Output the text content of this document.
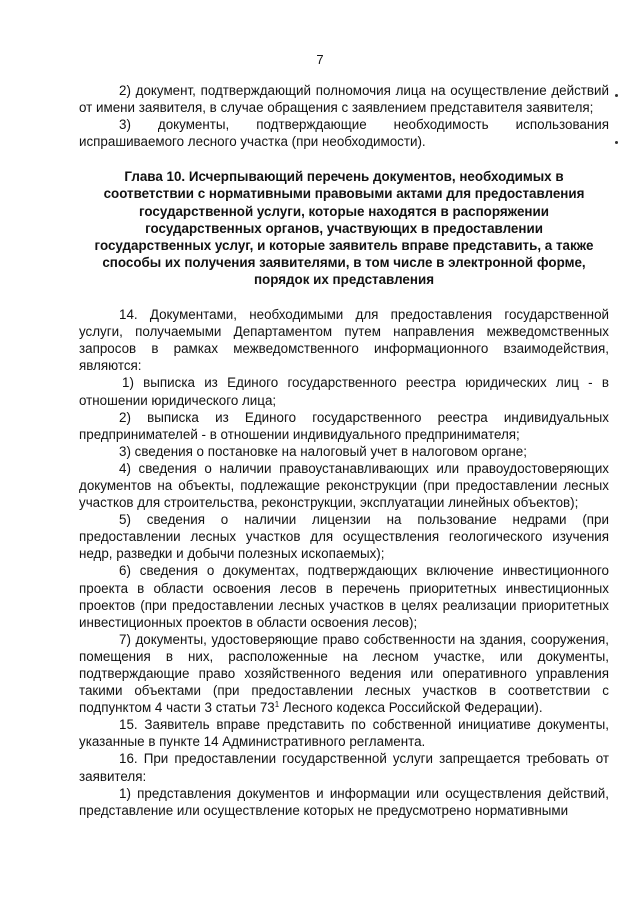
7

2) документ, подтверждающий полномочия лица на осуществление действий от имени заявителя, в случае обращения с заявлением представителя заявителя;

3) документы, подтверждающие необходимость использования испрашиваемого лесного участка (при необходимости).

Глава 10. Исчерпывающий перечень документов, необходимых в соответствии с нормативными правовыми актами для предоставления государственной услуги, которые находятся в распоряжении государственных органов, участвующих в предоставлении государственных услуг, и которые заявитель вправе представить, а также способы их получения заявителями, в том числе в электронной форме, порядок их представления

14. Документами, необходимыми для предоставления государственной услуги, получаемыми Департаментом путем направления межведомственных запросов в рамках межведомственного информационного взаимодействия, являются:

1) выписка из Единого государственного реестра юридических лиц - в отношении юридического лица;

2) выписка из Единого государственного реестра индивидуальных предпринимателей - в отношении индивидуального предпринимателя;

3) сведения о постановке на налоговый учет в налоговом органе;

4) сведения о наличии правоустанавливающих или правоудостоверяющих документов на объекты, подлежащие реконструкции (при предоставлении лесных участков для строительства, реконструкции, эксплуатации линейных объектов);

5) сведения о наличии лицензии на пользование недрами (при предоставлении лесных участков для осуществления геологического изучения недр, разведки и добычи полезных ископаемых);

6) сведения о документах, подтверждающих включение инвестиционного проекта в области освоения лесов в перечень приоритетных инвестиционных проектов (при предоставлении лесных участков в целях реализации приоритетных инвестиционных проектов в области освоения лесов);

7) документы, удостоверяющие право собственности на здания, сооружения, помещения в них, расположенные на лесном участке, или документы, подтверждающие право хозяйственного ведения или оперативного управления такими объектами (при предоставлении лесных участков в соответствии с подпунктом 4 части 3 статьи $73^1$ Лесного кодекса Российской Федерации).

15. Заявитель вправе представить по собственной инициативе документы, указанные в пункте 14 Административного регламента.

16. При предоставлении государственной услуги запрещается требовать от заявителя:

1) представления документов и информации или осуществления действий, представление или осуществление которых не предусмотрено нормативными
